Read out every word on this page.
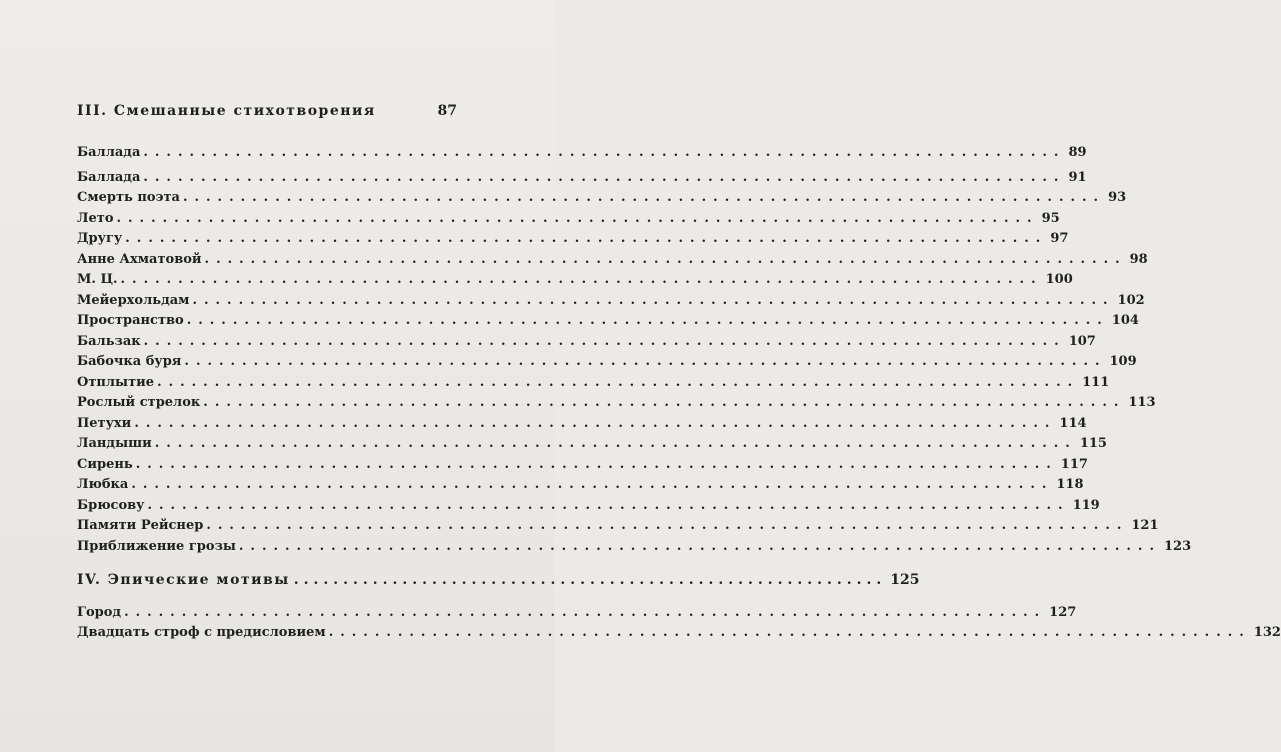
III. Смешанные стихотворения	87
Баллада ................................................................................ 89
Баллада ................................................................................ 91
Смерть поэта ................................................................................ 93
Лето ................................................................................ 95
Другу ................................................................................ 97
Анне Ахматовой ................................................................................ 98
М. Ц. ................................................................................ 100
Мейерхольдам ................................................................................ 102
Пространство ................................................................................ 104
Бальзак ................................................................................ 107
Бабочка буря ................................................................................ 109
Отплытие ................................................................................ 111
Рослый стрелок ................................................................................ 113
Петухи ................................................................................ 114
Ландыши ................................................................................ 115
Сирень ................................................................................ 117
Любка ................................................................................ 118
Брюсову ................................................................................ 119
Памяти Рейснер ................................................................................ 121
Приближение грозы ................................................................................ 123
IV. Эпические мотивы ............................................................ 125
Город ................................................................................ 127
Двадцать строф с предисловием ................................................................................ 132
